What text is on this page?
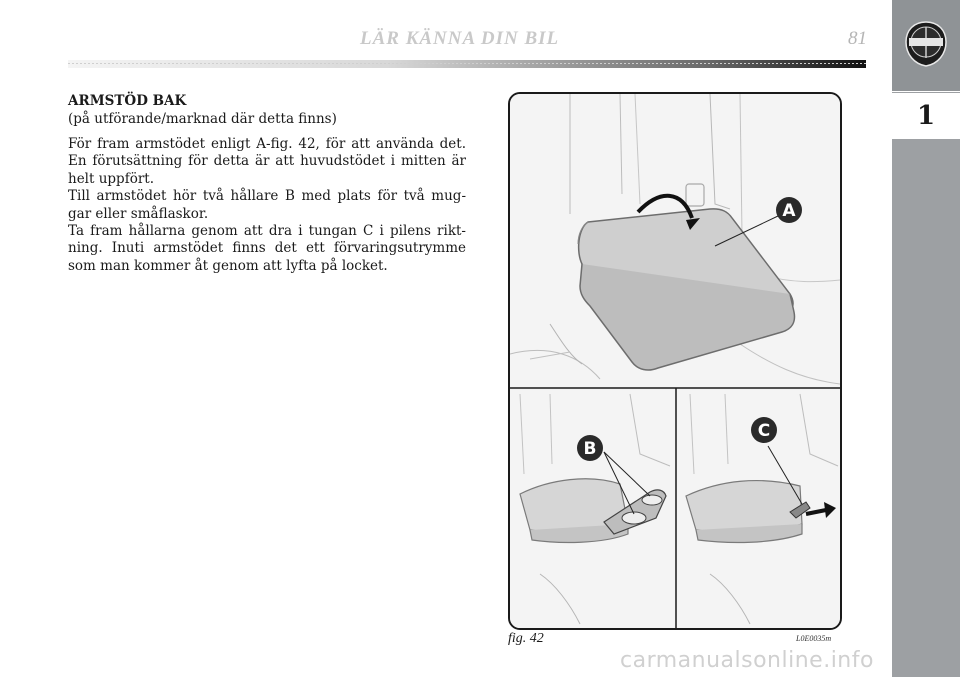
LÄR KÄNNA DIN BIL	81
1
ARMSTÖD BAK
(på utförande/marknad där detta finns)

För fram armstödet enligt A-fig. 42, för att använda det. En förutsättning för detta är att huvudstödet i mitten är helt uppfört.

Till armstödet hör två hållare B med plats för två mug-gar eller småflaskor.

Ta fram hållarna genom att dra i tungan C i pilens rikt-ning. Inuti armstödet finns det ett förvaringsutrymme som man kommer åt genom att lyfta på locket.

A
B
C
fig. 42	L0E0035m
carmanualsonline.info
